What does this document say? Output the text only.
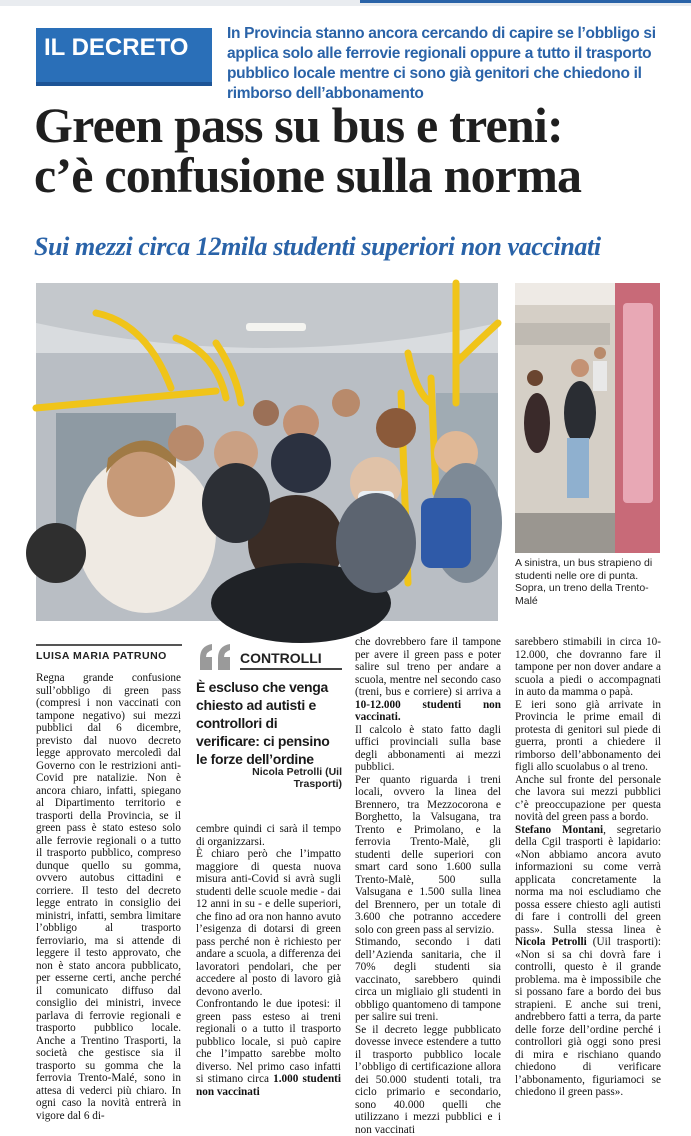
IL DECRETO
In Provincia stanno ancora cercando di capire se l’obbligo si applica solo alle ferrovie regionali oppure a tutto il trasporto pubblico locale mentre ci sono già genitori che chiedono il rimborso dell’abbonamento
Green pass su bus e treni:
c’è confusione sulla norma
Sui mezzi circa 12mila studenti superiori non vaccinati
A sinistra, un bus strapieno di studenti nelle ore di punta. Sopra, un treno della Trento-Malé
LUISA MARIA PATRUNO

Regna grande confusione sull’obbligo di green pass (compresi i non vaccinati con tampone negativo) sui mezzi pubblici dal 6 dicembre, previsto dal nuovo decreto legge approvato mercoledì dal Governo con le restrizioni anti-Covid pre natalizie. Non è ancora chiaro, infatti, spiegano al Dipartimento territorio e trasporti della Provincia, se il green pass è stato esteso solo alle ferrovie regionali o a tutto il trasporto pubblico, compreso dunque quello su gomma, ovvero autobus cittadini e corriere. Il testo del decreto legge entrato in consiglio dei ministri, infatti, sembra limitare l’obbligo al trasporto ferroviario, ma si attende di leggere il testo approvato, che non è stato ancora pubblicato, per esserne certi, anche perché il comunicato diffuso dal consiglio dei ministri, invece parlava di ferrovie regionali e trasporto pubblico locale. Anche a Trentino Trasporti, la società che gestisce sia il trasporto su gomma che la ferrovia Trento-Malé, sono in attesa di vederci più chiaro. In ogni caso la novità entrerà in vigore dal 6 di-

CONTROLLI
È escluso che venga chiesto ad autisti e controllori di verificare: ci pensino le forze dell’ordine
Nicola Petrolli (Uil Trasporti)

cembre quindi ci sarà il tempo di organizzarsi.

È chiaro però che l’impatto maggiore di questa nuova misura anti-Covid si avrà sugli studenti delle scuole medie - dai 12 anni in su - e delle superiori, che fino ad ora non hanno avuto l’esigenza di dotarsi di green pass perché non è richiesto per andare a scuola, a differenza dei lavoratori pendolari, che per accedere al posto di lavoro già devono averlo.

Confrontando le due ipotesi: il green pass esteso ai treni regionali o a tutto il trasporto pubblico locale, si può capire che l’impatto sarebbe molto diverso. Nel primo caso infatti si stimano circa 1.000 studenti non vaccinati

che dovrebbero fare il tampone per avere il green pass e poter salire sul treno per andare a scuola, mentre nel secondo caso (treni, bus e corriere) si arriva a 10-12.000 studenti non vaccinati.

Il calcolo è stato fatto dagli uffici provinciali sulla base degli abbonamenti ai mezzi pubblici.

Per quanto riguarda i treni locali, ovvero la linea del Brennero, tra Mezzocorona e Borghetto, la Valsugana, tra Trento e Primolano, e la ferrovia Trento-Malè, gli studenti delle superiori con smart card sono 1.600 sulla Trento-Malè, 500 sulla Valsugana e 1.500 sulla linea del Brennero, per un totale di 3.600 che potranno accedere solo con green pass al servizio.

Stimando, secondo i dati dell’Azienda sanitaria, che il 70% degli studenti sia vaccinato, sarebbero quindi circa un migliaio gli studenti in obbligo quantomeno di tampone per salire sui treni.

Se il decreto legge pubblicato dovesse invece estendere a tutto il trasporto pubblico locale l’obbligo di certificazione allora dei 50.000 studenti totali, tra ciclo primario e secondario, sono 40.000 quelli che utilizzano i mezzi pubblici e i non vaccinati

sarebbero stimabili in circa 10-12.000, che dovranno fare il tampone per non dover andare a scuola a piedi o accompagnati in auto da mamma o papà.

E ieri sono già arrivate in Provincia le prime email di protesta di genitori sul piede di guerra, pronti a chiedere il rimborso dell’abbonamento dei figli allo scuolabus o al treno.

Anche sul fronte del personale che lavora sui mezzi pubblici c’è preoccupazione per questa novità del green pass a bordo.

Stefano Montani, segretario della Cgil trasporti è lapidario: «Non abbiamo ancora avuto informazioni su come verrà applicata concretamente la norma ma noi escludiamo che possa essere chiesto agli autisti di fare i controlli del green pass». Sulla stessa linea è Nicola Petrolli (Uil trasporti): «Non si sa chi dovrà fare i controlli, questo è il grande problema. ma è impossibile che si possano fare a bordo dei bus strapieni. E anche sui treni, andrebbero fatti a terra, da parte delle forze dell’ordine perché i controllori già oggi sono presi di mira e rischiano quando chiedono di verificare l’abbonamento, figuriamoci se chiedono il green pass».
